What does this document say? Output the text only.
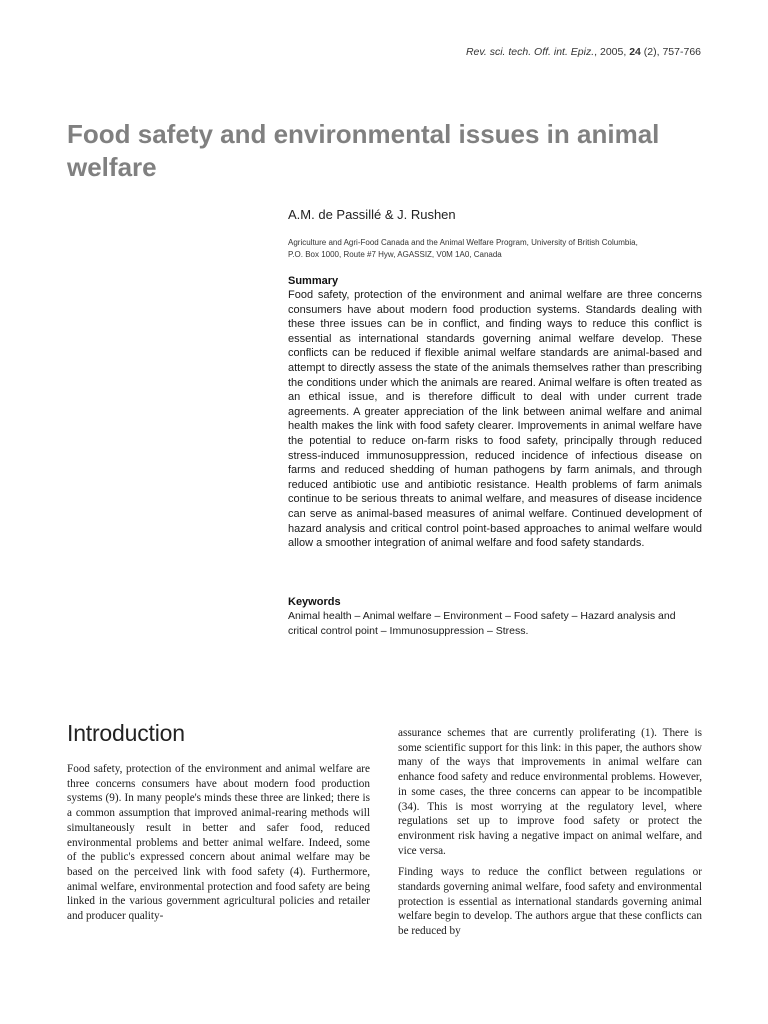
Rev. sci. tech. Off. int. Epiz., 2005, 24 (2), 757-766
Food safety and environmental issues in animal welfare
A.M. de Passillé & J. Rushen
Agriculture and Agri-Food Canada and the Animal Welfare Program, University of British Columbia,
P.O. Box 1000, Route #7 Hyw, AGASSIZ, V0M 1A0, Canada
Summary
Food safety, protection of the environment and animal welfare are three concerns consumers have about modern food production systems. Standards dealing with these three issues can be in conflict, and finding ways to reduce this conflict is essential as international standards governing animal welfare develop. These conflicts can be reduced if flexible animal welfare standards are animal-based and attempt to directly assess the state of the animals themselves rather than prescribing the conditions under which the animals are reared. Animal welfare is often treated as an ethical issue, and is therefore difficult to deal with under current trade agreements. A greater appreciation of the link between animal welfare and animal health makes the link with food safety clearer. Improvements in animal welfare have the potential to reduce on-farm risks to food safety, principally through reduced stress-induced immunosuppression, reduced incidence of infectious disease on farms and reduced shedding of human pathogens by farm animals, and through reduced antibiotic use and antibiotic resistance. Health problems of farm animals continue to be serious threats to animal welfare, and measures of disease incidence can serve as animal-based measures of animal welfare. Continued development of hazard analysis and critical control point-based approaches to animal welfare would allow a smoother integration of animal welfare and food safety standards.
Keywords
Animal health – Animal welfare – Environment – Food safety – Hazard analysis and critical control point – Immunosuppression – Stress.
Introduction

Food safety, protection of the environment and animal welfare are three concerns consumers have about modern food production systems (9). In many people's minds these three are linked; there is a common assumption that improved animal-rearing methods will simultaneously result in better and safer food, reduced environmental problems and better animal welfare. Indeed, some of the public's expressed concern about animal welfare may be based on the perceived link with food safety (4). Furthermore, animal welfare, environmental protection and food safety are being linked in the various government agricultural policies and retailer and producer quality-

assurance schemes that are currently proliferating (1). There is some scientific support for this link: in this paper, the authors show many of the ways that improvements in animal welfare can enhance food safety and reduce environmental problems. However, in some cases, the three concerns can appear to be incompatible (34). This is most worrying at the regulatory level, where regulations set up to improve food safety or protect the environment risk having a negative impact on animal welfare, and vice versa.

Finding ways to reduce the conflict between regulations or standards governing animal welfare, food safety and environmental protection is essential as international standards governing animal welfare begin to develop. The authors argue that these conflicts can be reduced by
